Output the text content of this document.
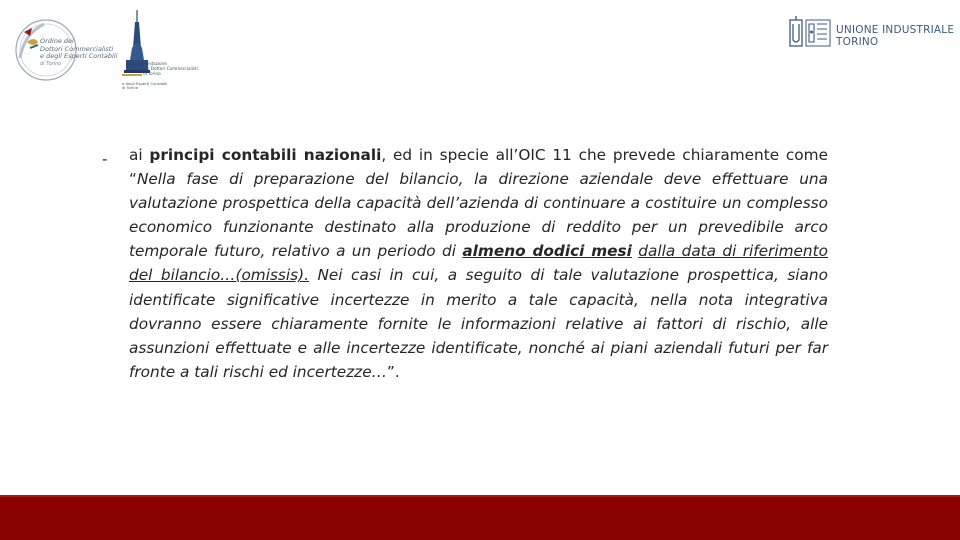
Ordine dei
Dottori Commercialisti
e degli Esperti Contabili
di Torino	Fondazione
dei Dottori Commercialisti
di Torino
e degli Esperti Contabili
di Torino
UNIONE INDUSTRIALE
TORINO
- ai principi contabili nazionali, ed in specie all’OIC 11 che prevede chiaramente come “Nella fase di preparazione del bilancio, la direzione aziendale deve effettuare una valutazione prospettica della capacità dell’azienda di continuare a costituire un complesso economico funzionante destinato alla produzione di reddito per un prevedibile arco temporale futuro, relativo a un periodo di almeno dodici mesi dalla data di riferimento del bilancio…(omissis). Nei casi in cui, a seguito di tale valutazione prospettica, siano identificate significative incertezze in merito a tale capacità, nella nota integrativa dovranno essere chiaramente fornite le informazioni relative ai fattori di rischio, alle assunzioni effettuate e alle incertezze identificate, nonché ai piani aziendali futuri per far fronte a tali rischi ed incertezze…”.
